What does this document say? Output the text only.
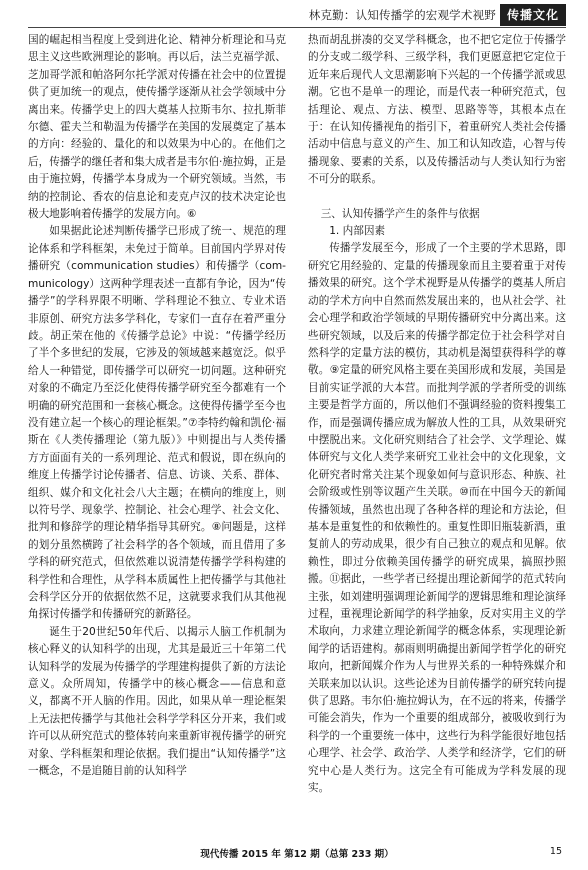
林克勤：认知传播学的宏观学术视野 传播文化

国的崛起相当程度上受到进化论、精神分析理论和马克思主义这些欧洲理论的影响。再以后，法兰克福学派、芝加哥学派和帕洛阿尔托学派对传播在社会中的位置提供了更加统一的观点，使传播学逐渐从社会学领域中分离出来。传播学史上的四大奠基人拉斯韦尔、拉扎斯菲尔德、霍夫兰和勒温为传播学在美国的发展奠定了基本的方向：经验的、量化的和以效果为中心的。在他们之后，传播学的继任者和集大成者是韦尔伯·施拉姆，正是由于施拉姆，传播学本身成为一个研究领域。当然，韦纳的控制论、香农的信息论和麦克卢汉的技术决定论也极大地影响着传播学的发展方向。⑥

如果据此论述判断传播学已形成了统一、规范的理论体系和学科框架，未免过于简单。目前国内学界对传播研究（communication studies）和传播学（com-municology）这两种学理表述一直都有争论，因为“传播学”的学科界限不明晰、学科理论不独立、专业术语非原创、研究方法多学科化，专家们一直存在着严重分歧。胡正荣在他的《传播学总论》中说：“传播学经历了半个多世纪的发展，它涉及的领域越来越宽泛。似乎给人一种错觉，即传播学可以研究一切问题。这种研究对象的不确定乃至泛化使得传播学研究至今都难有一个明确的研究范围和一套核心概念。这使得传播学至今也没有建立起一个核心的理论框架。”⑦李特约翰和凯伦·福斯在《人类传播理论（第九版）》中则提出与人类传播方方面面有关的一系列理论、范式和假说，即在纵向的维度上传播学讨论传播者、信息、访谈、关系、群体、组织、媒介和文化社会八大主题；在横向的维度上，则以符号学、现象学、控制论、社会心理学、社会文化、批判和修辞学的理论精华指导其研究。⑧问题是，这样的划分虽然横跨了社会科学的各个领域，而且借用了多学科的研究范式，但依然难以说清楚传播学学科构建的科学性和合理性，从学科本质属性上把传播学与其他社会科学区分开的依据依然不足，这就要求我们从其他视角探讨传播学和传播研究的新路径。

诞生于20世纪50年代后、以揭示人脑工作机制为核心释义的认知科学的出现，尤其是最近三十年第二代认知科学的发展为传播学的学理建构提供了新的方法论意义。众所周知，传播学中的核心概念——信息和意义，都离不开人脑的作用。因此，如果从单一理论框架上无法把传播学与其他社会科学学科区分开来，我们或许可以从研究范式的整体转向来重新审视传播学的研究对象、学科框架和理论依据。我们提出“认知传播学”这一概念，不是追随目前的认知科学

热而胡乱拼凑的交叉学科概念，也不把它定位于传播学的分支或二级学科、三级学科，我们更愿意把它定位于近年来后现代人文思潮影响下兴起的一个传播学派或思潮。它也不是单一的理论，而是代表一种研究范式，包括理论、观点、方法、模型、思路等等，其根本点在于：在认知传播视角的指引下，着重研究人类社会传播活动中信息与意义的产生、加工和认知改造，心智与传播现象、要素的关系，以及传播活动与人类认知行为密不可分的联系。

三、认知传播学产生的条件与依据
1. 内部因素

传播学发展至今，形成了一个主要的学术思路，即研究它用经验的、定量的传播现象而且主要着重于对传播效果的研究。这个学术视野是从传播学的奠基人所启动的学术方向中自然而然发展出来的，也从社会学、社会心理学和政治学领域的早期传播研究中分离出来。这些研究领域，以及后来的传播学都定位于社会科学对自然科学的定量方法的模仿，其动机是渴望获得科学的尊敬。⑨定量的研究风格主要在美国形成和发展，美国是目前实证学派的大本营。而批判学派的学者所受的训练主要是哲学方面的，所以他们不强调经验的资料搜集工作，而是强调传播应成为解放人性的工具，从效果研究中摆脱出来。文化研究则结合了社会学、文学理论、媒体研究与文化人类学来研究工业社会中的文化现象，文化研究者时常关注某个现象如何与意识形态、种族、社会阶级或性别等议题产生关联。⑩而在中国今天的新闻传播领域，虽然也出现了各种各样的理论和方法论，但基本是重复性的和依赖性的。重复性即旧瓶装新酒，重复前人的劳动成果，很少有自己独立的观点和见解。依赖性，即过分依赖美国传播学的研究成果，搞照抄照搬。⑪据此，一些学者已经提出理论新闻学的范式转向主张，如刘建明强调理论新闻学的逻辑思维和理论演绎过程，重视理论新闻学的科学抽象，反对实用主义的学术取向，力求建立理论新闻学的概念体系，实现理论新闻学的话语建构。郝雨则明确提出新闻学哲学化的研究取向，把新闻媒介作为人与世界关系的一种特殊媒介和关联来加以认识。这些论述为目前传播学的研究转向提供了思路。韦尔伯·施拉姆认为，在不远的将来，传播学可能会消失，作为一个重要的组成部分，被吸收到行为科学的一个重要统一体中，这些行为科学能很好地包括心理学、社会学、政治学、人类学和经济学，它们的研究中心是人类行为。这完全有可能成为学科发展的现实。

现代传播 2015 年 第12 期（总第 233 期）	15
